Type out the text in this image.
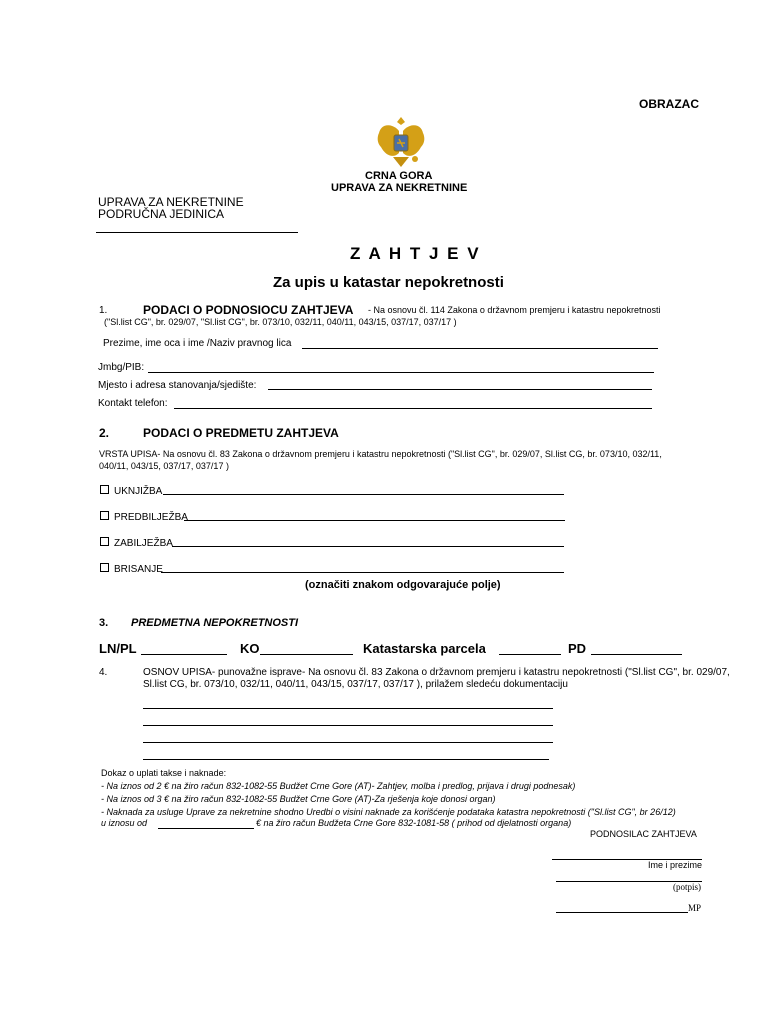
OBRAZAC
CRNA GORA
UPRAVA ZA NEKRETNINE
UPRAVA ZA NEKRETNINE
PODRUČNA JEDINICA
Z A H T J E V
Za upis u katastar nepokretnosti
1.	PODACI O PODNOSIOCU ZAHTJEVA - Na osnovu čl. 114 Zakona o državnom premjeru i katastru nepokretnosti
("Sl.list CG", br. 029/07, "Sl.list CG", br. 073/10, 032/11, 040/11, 043/15, 037/17, 037/17 )
Prezime, ime oca i ime /Naziv pravnog lica
Jmbg/PIB:
Mjesto i adresa stanovanja/sjedište:
Kontakt telefon:
2.	PODACI O PREDMETU ZAHTJEVA
VRSTA UPISA- Na osnovu čl. 83 Zakona o državnom premjeru i katastru nepokretnosti ("Sl.list CG", br. 029/07, Sl.list CG, br. 073/10, 032/11,
040/11, 043/15, 037/17, 037/17 )
UKNJIŽBA
PREDBILJEŽBA
ZABILJEŽBA
BRISANJE
(označiti znakom odgovarajuće polje)
3. PREDMETNA NEPOKRETNOSTI
LN/PL	KO	Katastarska parcela	PD
4.	OSNOV UPISA- punovažne isprave- Na osnovu čl. 83 Zakona o državnom premjeru i katastru nepokretnosti ("Sl.list CG", br. 029/07,
Sl.list CG, br. 073/10, 032/11, 040/11, 043/15, 037/17, 037/17 ), prilažem sledeću dokumentaciju
Dokaz o uplati takse i naknade:
- Na iznos od 2 € na žiro račun 832-1082-55 Budžet Crne Gore (AT)- Zahtjev, molba i predlog, prijava i drugi podnesak)
- Na iznos od 3 € na žiro račun 832-1082-55 Budžet Crne Gore (AT)-Za rješenja koje donosi organ)
- Naknada za usluge Uprave za nekretnine shodno Uredbi o visini naknade za korišćenje podataka katastra nepokretnosti ("Sl.list CG", br 26/12)
u iznosu od	€ na žiro račun Budžeta Crne Gore 832-1081-58 ( prihod od djelatnosti organa)
PODNOSILAC ZAHTJEVA
Ime i prezime
(potpis)
MP
